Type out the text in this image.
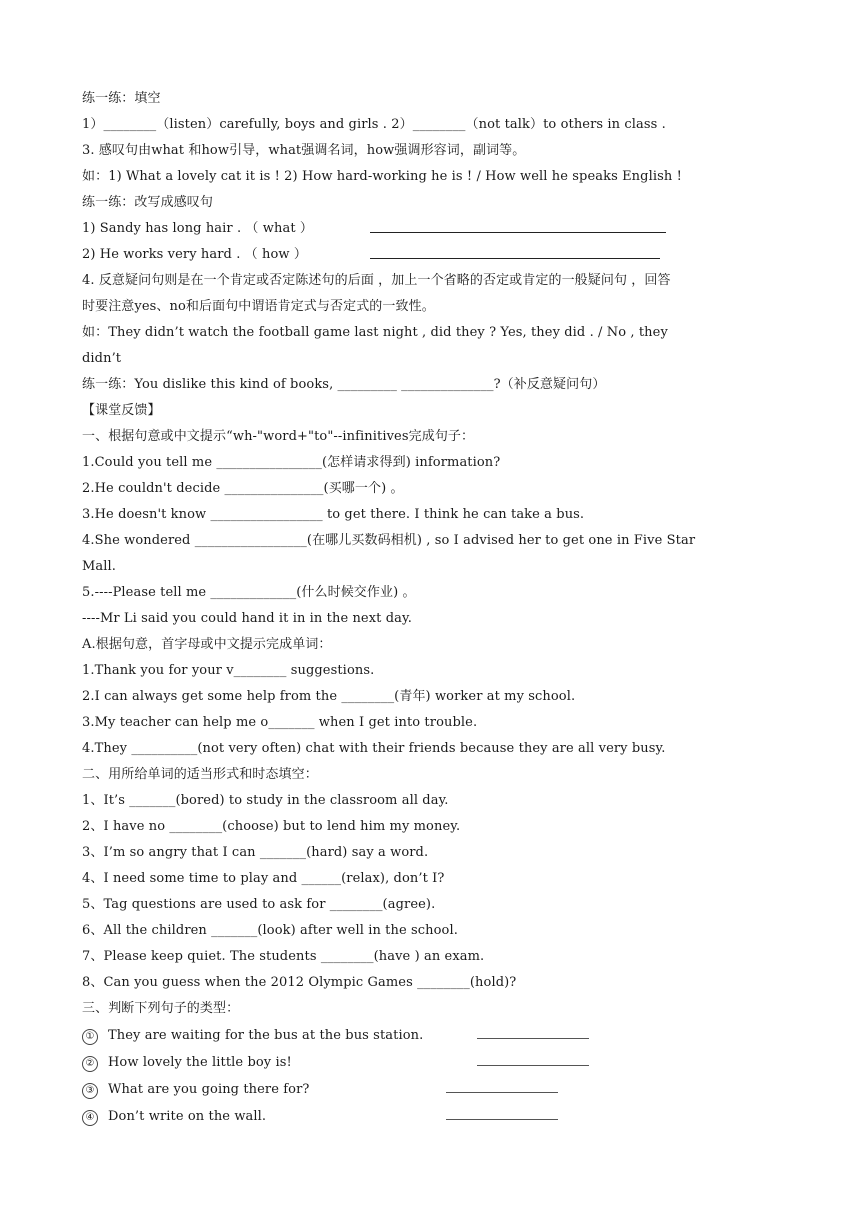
练一练：填空
1）________（listen）carefully, boys and girls . 2）________（not talk）to others in class .
3. 感叹句由what 和how引导，what强调名词，how强调形容词，副词等。
如：1) What a lovely cat it is ! 2) How hard-working he is ! / How well he speaks English !
练一练：改写成感叹句
1) Sandy has long hair . （ what ）
2) He works very hard . （ how ）
4. 反意疑问句则是在一个肯定或否定陈述句的后面 ，加上一个省略的否定或肯定的一般疑问句 ，回答
时要注意yes、no和后面句中谓语肯定式与否定式的一致性。
如：They didn’t watch the football game last night , did they ? Yes, they did . / No , they
didn’t
练一练：You dislike this kind of books, _________ ______________?（补反意疑问句）
【课堂反馈】
一、根据句意或中文提示“wh-"word+"to"--infinitives完成句子：
1.Could you tell me ________________(怎样请求得到) information?
2.He couldn't decide _______________(买哪一个) 。
3.He doesn't know _________________ to get there. I think he can take a bus.
4.She wondered _________________(在哪儿买数码相机) , so I advised her to get one in Five Star
Mall.
5.----Please tell me _____________(什么时候交作业) 。
----Mr Li said you could hand it in in the next day.
A.根据句意，首字母或中文提示完成单词：
1.Thank you for your v________ suggestions.
2.I can always get some help from the ________(青年) worker at my school.
3.My teacher can help me o_______ when I get into trouble.
4.They __________(not very often) chat with their friends because they are all very busy.
二、用所给单词的适当形式和时态填空：
1、It’s _______(bored) to study in the classroom all day.
2、I have no ________(choose) but to lend him my money.
3、I’m so angry that I can _______(hard) say a word.
4、I need some time to play and ______(relax), don’t I?
5、Tag questions are used to ask for ________(agree).
6、All the children _______(look) after well in the school.
7、Please keep quiet. The students ________(have ) an exam.
8、Can you guess when the 2012 Olympic Games ________(hold)?
三、判断下列句子的类型：
① They are waiting for the bus at the bus station.
② How lovely the little boy is!
③ What are you going there for?
④ Don’t write on the wall.
